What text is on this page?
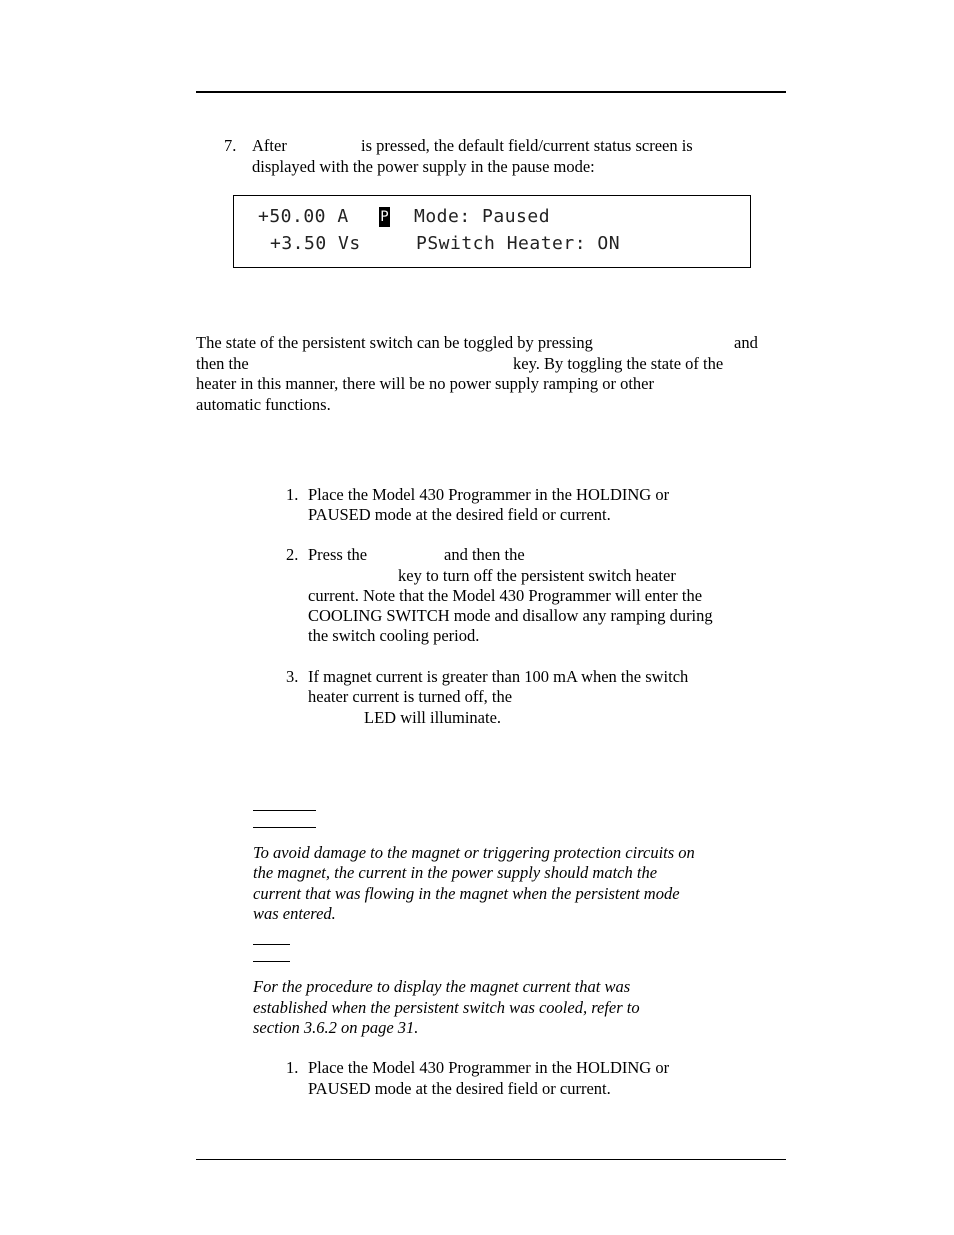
7. After	is pressed, the default field/current status screen is
displayed with the power supply in the pause mode:
+50.00 A P Mode: Paused
+3.50 Vs	PSwitch Heater: ON
The state of the persistent switch can be toggled by pressing	and
then the	key. By toggling the state of the
heater in this manner, there will be no power supply ramping or other
automatic functions.
1. Place the Model 430 Programmer in the HOLDING or
PAUSED mode at the desired field or current.
2. Press the	and then the
key to turn off the persistent switch heater
current. Note that the Model 430 Programmer will enter the
COOLING SWITCH mode and disallow any ramping during
the switch cooling period.
3. If magnet current is greater than 100 mA when the switch
heater current is turned off, the
LED will illuminate.
To avoid damage to the magnet or triggering protection circuits on
the magnet, the current in the power supply should match the
current that was flowing in the magnet when the persistent mode
was entered.
For the procedure to display the magnet current that was
established when the persistent switch was cooled, refer to
section 3.6.2 on page 31.
1. Place the Model 430 Programmer in the HOLDING or
PAUSED mode at the desired field or current.
